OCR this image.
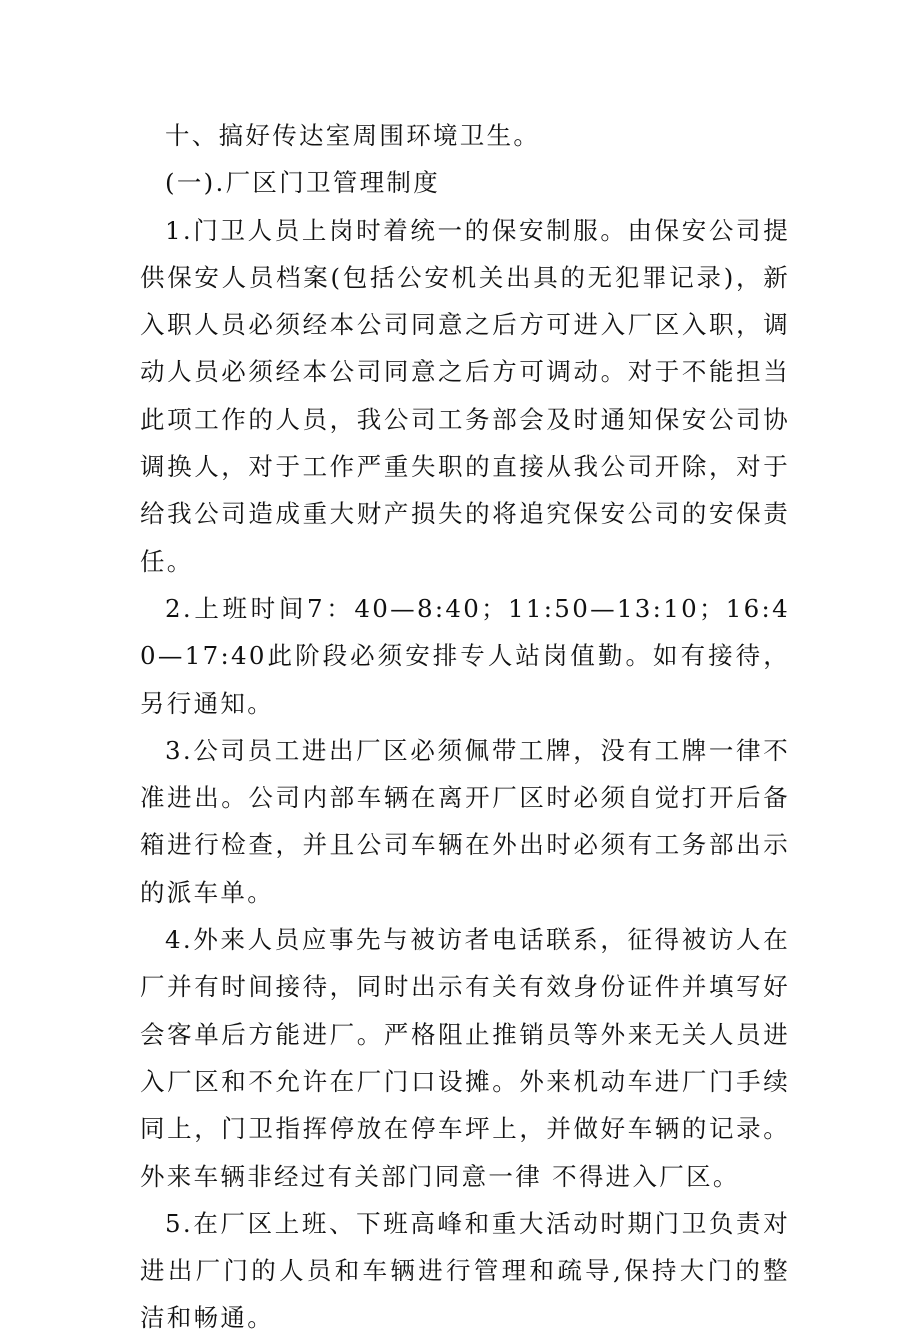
十、搞好传达室周围环境卫生。

(一).厂区门卫管理制度

1.门卫人员上岗时着统一的保安制服。由保安公司提供保安人员档案(包括公安机关出具的无犯罪记录)，新入职人员必须经本公司同意之后方可进入厂区入职，调动人员必须经本公司同意之后方可调动。对于不能担当此项工作的人员，我公司工务部会及时通知保安公司协调换人，对于工作严重失职的直接从我公司开除，对于给我公司造成重大财产损失的将追究保安公司的安保责任。

2.上班时间7：40—8:40；11:50—13:10；16:40—17:40此阶段必须安排专人站岗值勤。如有接待，另行通知。

3.公司员工进出厂区必须佩带工牌，没有工牌一律不准进出。公司内部车辆在离开厂区时必须自觉打开后备箱进行检查，并且公司车辆在外出时必须有工务部出示的派车单。

4.外来人员应事先与被访者电话联系，征得被访人在厂并有时间接待，同时出示有关有效身份证件并填写好会客单后方能进厂。严格阻止推销员等外来无关人员进入厂区和不允许在厂门口设摊。外来机动车进厂门手续同上，门卫指挥停放在停车坪上，并做好车辆的记录。外来车辆非经过有关部门同意一律 不得进入厂区。

5.在厂区上班、下班高峰和重大活动时期门卫负责对进出厂门的人员和车辆进行管理和疏导,保持大门的整洁和畅通。
